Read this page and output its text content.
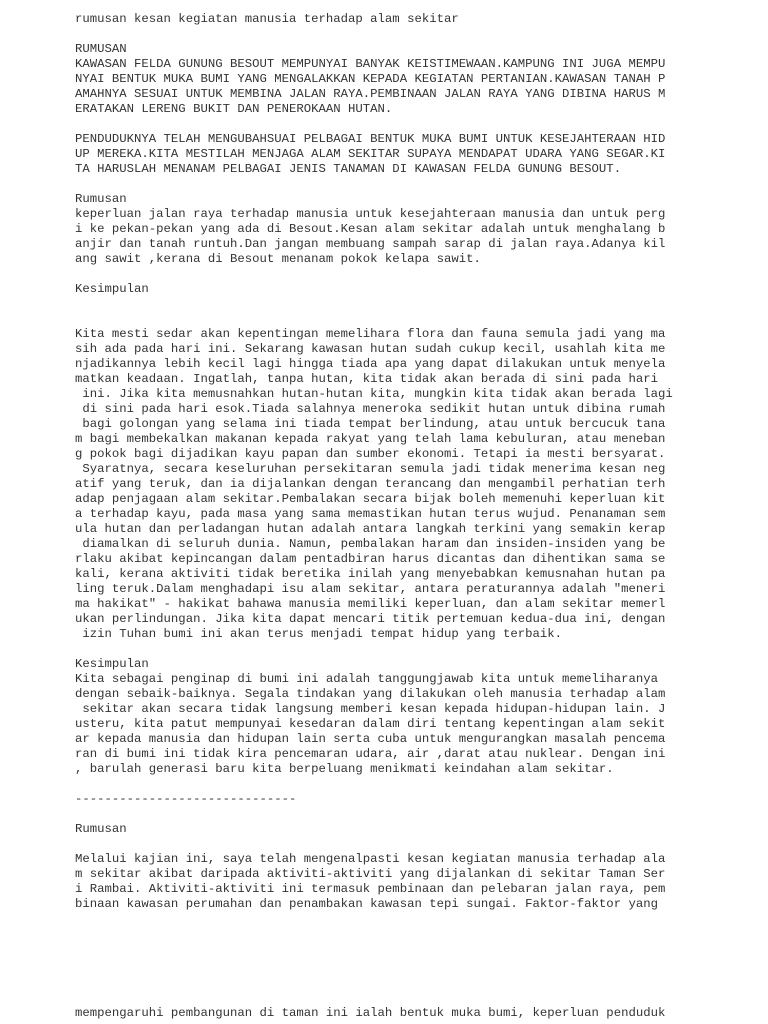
rumusan kesan kegiatan manusia terhadap alam sekitar
RUMUSAN
KAWASAN FELDA GUNUNG BESOUT MEMPUNYAI BANYAK KEISTIMEWAAN.KAMPUNG INI JUGA MEMPU
NYAI BENTUK MUKA BUMI YANG MENGALAKKAN KEPADA KEGIATAN PERTANIAN.KAWASAN TANAH P
AMAHNYA SESUAI UNTUK MEMBINA JALAN RAYA.PEMBINAAN JALAN RAYA YANG DIBINA HARUS M
ERATAKAN LERENG BUKIT DAN PENEROKAAN HUTAN.
PENDUDUKNYA TELAH MENGUBAHSUAI PELBAGAI BENTUK MUKA BUMI UNTUK KESEJAHTERAAN HID
UP MEREKA.KITA MESTILAH MENJAGA ALAM SEKITAR SUPAYA MENDAPAT UDARA YANG SEGAR.KI
TA HARUSLAH MENANAM PELBAGAI JENIS TANAMAN DI KAWASAN FELDA GUNUNG BESOUT.
Rumusan
keperluan jalan raya terhadap manusia untuk kesejahteraan manusia dan untuk perg
i ke pekan-pekan yang ada di Besout.Kesan alam sekitar adalah untuk menghalang b
anjir dan tanah runtuh.Dan jangan membuang sampah sarap di jalan raya.Adanya kil
ang sawit ,kerana di Besout menanam pokok kelapa sawit.
Kesimpulan
Kita mesti sedar akan kepentingan memelihara flora dan fauna semula jadi yang ma
sih ada pada hari ini. Sekarang kawasan hutan sudah cukup kecil, usahlah kita me
njadikannya lebih kecil lagi hingga tiada apa yang dapat dilakukan untuk menyela
matkan keadaan. Ingatlah, tanpa hutan, kita tidak akan berada di sini pada hari
ini. Jika kita memusnahkan hutan-hutan kita, mungkin kita tidak akan berada lagi
di sini pada hari esok.Tiada salahnya meneroka sedikit hutan untuk dibina rumah
bagi golongan yang selama ini tiada tempat berlindung, atau untuk bercucuk tana
m bagi membekalkan makanan kepada rakyat yang telah lama kebuluran, atau meneban
g pokok bagi dijadikan kayu papan dan sumber ekonomi. Tetapi ia mesti bersyarat.
Syaratnya, secara keseluruhan persekitaran semula jadi tidak menerima kesan neg
atif yang teruk, dan ia dijalankan dengan terancang dan mengambil perhatian terh
adap penjagaan alam sekitar.Pembalakan secara bijak boleh memenuhi keperluan kit
a terhadap kayu, pada masa yang sama memastikan hutan terus wujud. Penanaman sem
ula hutan dan perladangan hutan adalah antara langkah terkini yang semakin kerap
diamalkan di seluruh dunia. Namun, pembalakan haram dan insiden-insiden yang be
rlaku akibat kepincangan dalam pentadbiran harus dicantas dan dihentikan sama se
kali, kerana aktiviti tidak beretika inilah yang menyebabkan kemusnahan hutan pa
ling teruk.Dalam menghadapi isu alam sekitar, antara peraturannya adalah "meneri
ma hakikat" - hakikat bahawa manusia memiliki keperluan, dan alam sekitar memerl
ukan perlindungan. Jika kita dapat mencari titik pertemuan kedua-dua ini, dengan
izin Tuhan bumi ini akan terus menjadi tempat hidup yang terbaik.
Kesimpulan
Kita sebagai penginap di bumi ini adalah tanggungjawab kita untuk memeliharanya
dengan sebaik-baiknya. Segala tindakan yang dilakukan oleh manusia terhadap alam
sekitar akan secara tidak langsung memberi kesan kepada hidupan-hidupan lain. J
usteru, kita patut mempunyai kesedaran dalam diri tentang kepentingan alam sekit
ar kepada manusia dan hidupan lain serta cuba untuk mengurangkan masalah pencema
ran di bumi ini tidak kira pencemaran udara, air ,darat atau nuklear. Dengan ini
, barulah generasi baru kita berpeluang menikmati keindahan alam sekitar.
------------------------------
Rumusan
Melalui kajian ini, saya telah mengenalpasti kesan kegiatan manusia terhadap ala
m sekitar akibat daripada aktiviti-aktiviti yang dijalankan di sekitar Taman Ser
i Rambai. Aktiviti-aktiviti ini termasuk pembinaan dan pelebaran jalan raya, pem
binaan kawasan perumahan dan penambakan kawasan tepi sungai. Faktor-faktor yang
mempengaruhi pembangunan di taman ini ialah bentuk muka bumi, keperluan penduduk
